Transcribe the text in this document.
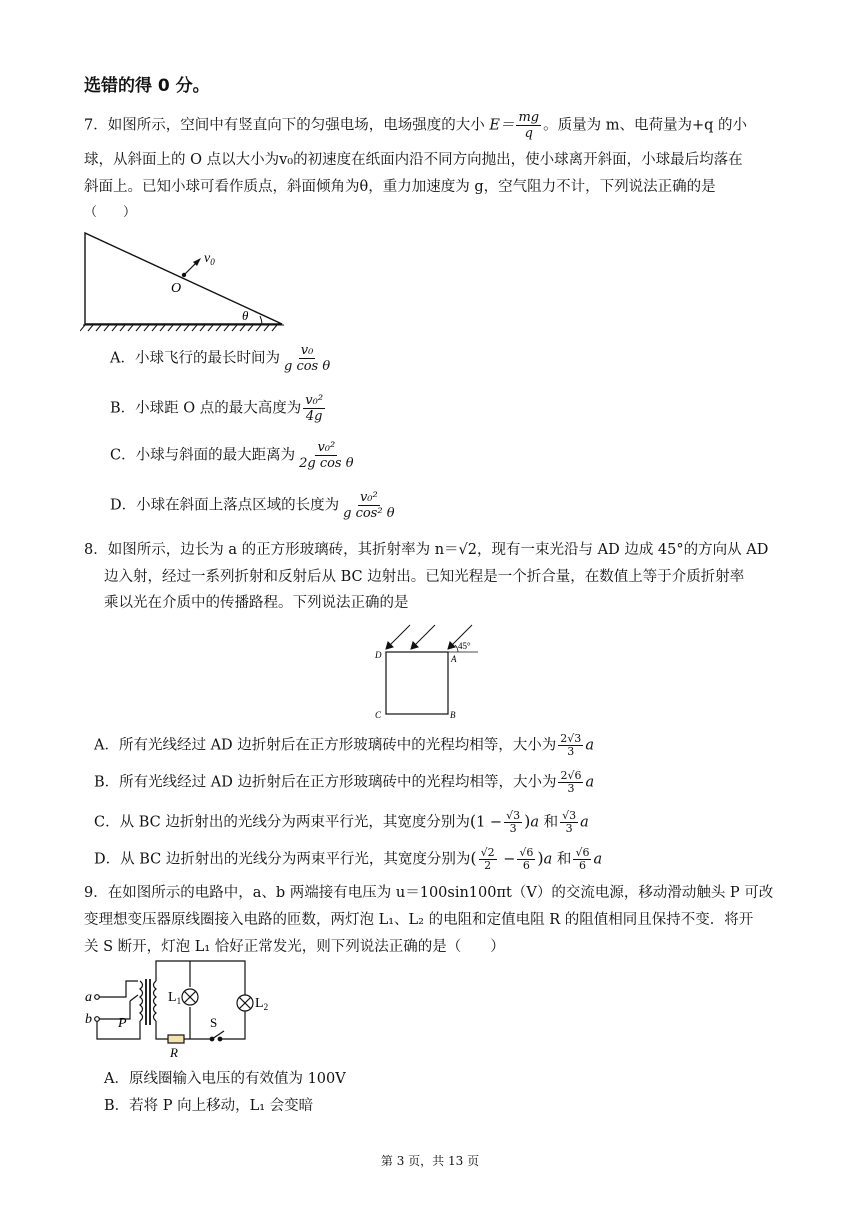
选错的得 0 分。
7．如图所示，空间中有竖直向下的匀强电场，电场强度的大小 $E= \frac{mg}{q}$ 。质量为 m、电荷量为+q 的小
球，从斜面上的 O 点以大小为v₀的初速度在纸面内沿不同方向抛出，使小球离开斜面，小球最后均落在
斜面上。已知小球可看作质点，斜面倾角为θ，重力加速度为 g，空气阻力不计，下列说法正确的是
（　　）
$v_0$
O
θ
A．小球飞行的最长时间为 $\frac{\text{v₀}}{\text{g cos θ}}$
B．小球距 O 点的最大高度为 $\frac{\text{v₀²}}{4g}$
C．小球与斜面的最大距离为 $\frac{\text{v₀²}}{\text{2g cos θ}}$
D．小球在斜面上落点区域的长度为 $\frac{\text{v₀²}}{\text{g cos² θ}}$
8．如图所示，边长为 a 的正方形玻璃砖，其折射率为 n＝√2，现有一束光沿与 AD 边成 45°的方向从 AD
边入射，经过一系列折射和反射后从 BC 边射出。已知光程是一个折合量，在数值上等于介质折射率
乘以光在介质中的传播路程。下列说法正确的是
45°
D	A
C	B
A．所有光线经过 AD 边折射后在正方形玻璃砖中的光程均相等，大小为 $\frac{2√3}{3}$ a
B．所有光线经过 AD 边折射后在正方形玻璃砖中的光程均相等，大小为 $\frac{2√6}{3}$ a
C．从 BC 边折射出的光线分为两束平行光，其宽度分别为$(1 - \frac{√3}{3} )a$ 和 $\frac{√3}{3}$ a
D．从 BC 边折射出的光线分为两束平行光，其宽度分别为( $\frac{√2}{2} - \frac{√6}{6} )a$ 和 $\frac{√6}{6}$ a
9．在如图所示的电路中，a、b 两端接有电压为 u＝100sin100πt（V）的交流电源，移动滑动触头 P 可改
变理想变压器原线圈接入电路的匝数，两灯泡 L₁、L₂ 的电阻和定值电阻 R 的阻值相同且保持不变．将开
关 S 断开，灯泡 L₁ 恰好正常发光，则下列说法正确的是（　　）
a
b P
$L_1$	$L_2$
S
R
A．原线圈输入电压的有效值为 100V
B．若将 P 向上移动，L₁ 会变暗
第 3 页，共 13 页
